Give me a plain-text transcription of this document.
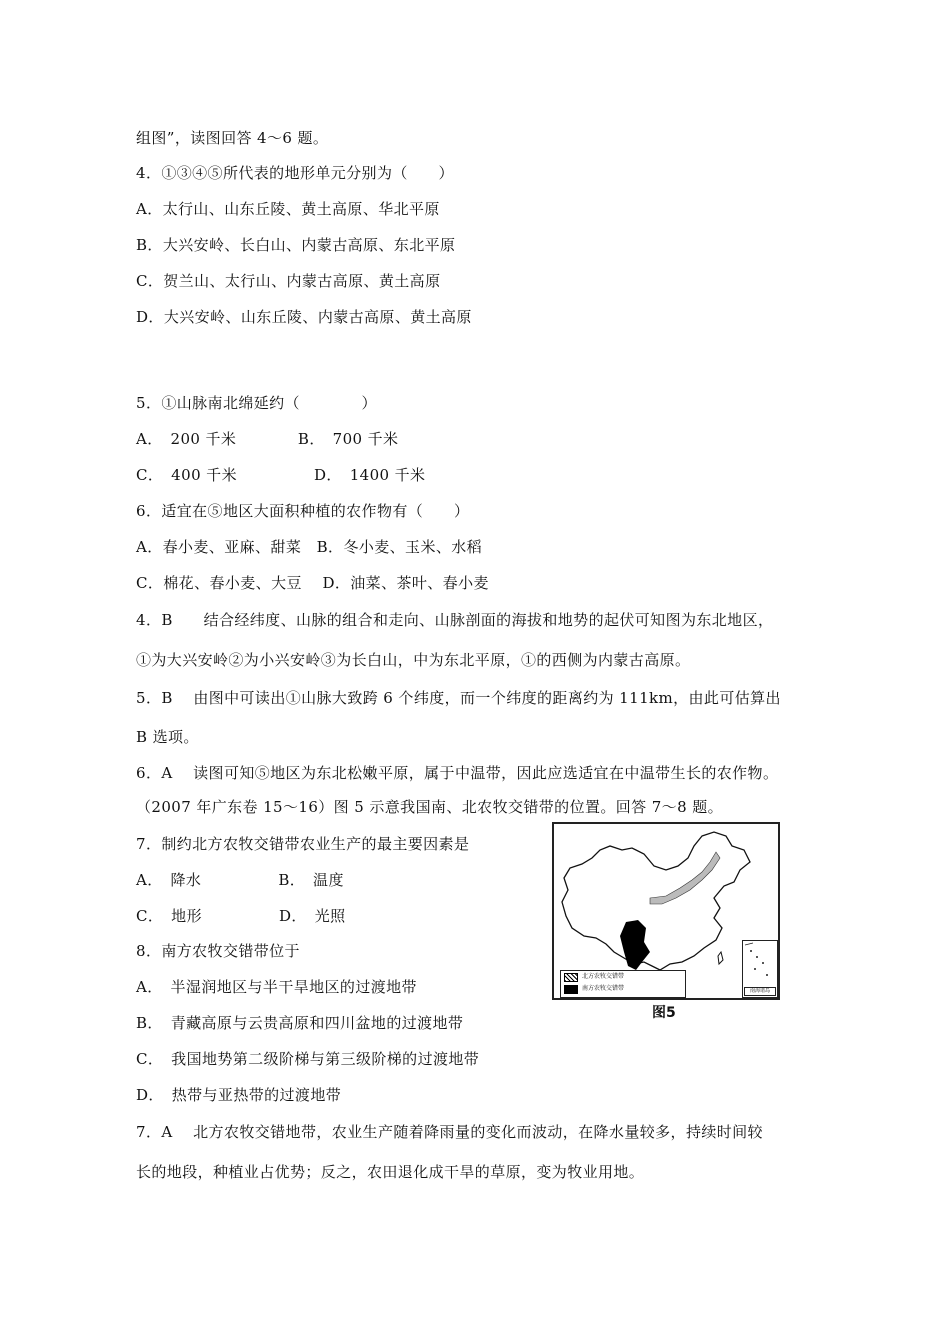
组图”，读图回答 4～6 题。
4．①③④⑤所代表的地形单元分别为（　　）
A．太行山、山东丘陵、黄土高原、华北平原
B．大兴安岭、长白山、内蒙古高原、东北平原
C．贺兰山、太行山、内蒙古高原、黄土高原
D．大兴安岭、山东丘陵、内蒙古高原、黄土高原
5．①山脉南北绵延约（　　　　）
A．　200 千米　　　　B．　700 千米
C．　400 千米　　　　　D．　1400 千米
6．适宜在⑤地区大面积种植的农作物有（　　）
A．春小麦、亚麻、甜菜　B．冬小麦、玉米、水稻
C．棉花、春小麦、大豆　 D．油菜、茶叶、春小麦
4．B　　结合经纬度、山脉的组合和走向、山脉剖面的海拔和地势的起伏可知图为东北地区，
①为大兴安岭②为小兴安岭③为长白山，中为东北平原，①的西侧为内蒙古高原。
5．B　 由图中可读出①山脉大致跨 6 个纬度，而一个纬度的距离约为 111km，由此可估算出
B 选项。
6．A　 读图可知⑤地区为东北松嫩平原，属于中温带，因此应选适宜在中温带生长的农作物。
（2007 年广东卷 15～16）图 5 示意我国南、北农牧交错带的位置。回答 7～8 题。
7．制约北方农牧交错带农业生产的最主要因素是
A．　降水　　　　　B．　温度
C．　地形　　　　　D．　光照
8．南方农牧交错带位于
A．　半湿润地区与半干旱地区的过渡地带
B．　青藏高原与云贵高原和四川盆地的过渡地带
C．　我国地势第二级阶梯与第三级阶梯的过渡地带
D．　热带与亚热带的过渡地带
7．A　 北方农牧交错地带，农业生产随着降雨量的变化而波动，在降水量较多，持续时间较
长的地段，种植业占优势；反之，农田退化成干旱的草原，变为牧业用地。
北方农牧交错带
南方农牧交错带	南海诸岛
图5
